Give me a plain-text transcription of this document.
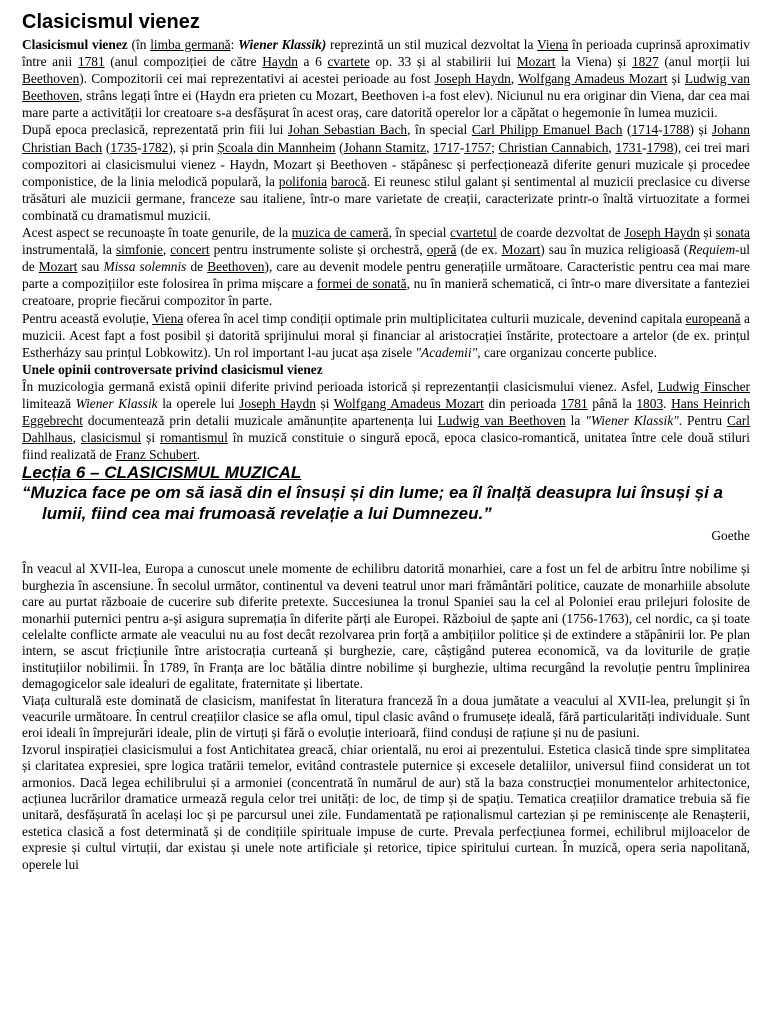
Clasicismul vienez

Clasicismul vienez (în limba germană: Wiener Klassik) reprezintă un stil muzical dezvoltat la Viena în perioada cuprinsă aproximativ între anii 1781 (anul compoziției de către Haydn a 6 cvartete op. 33 și al stabilirii lui Mozart la Viena) și 1827 (anul morții lui Beethoven). Compozitorii cei mai reprezentativi ai acestei perioade au fost Joseph Haydn, Wolfgang Amadeus Mozart și Ludwig van Beethoven, strâns legați între ei (Haydn era prieten cu Mozart, Beethoven i-a fost elev). Niciunul nu era originar din Viena, dar cea mai mare parte a activității lor creatoare s-a desfășurat în acest oraș, care datorită operelor lor a căpătat o hegemonie în lumea muzicii.

După epoca preclasică, reprezentată prin fiii lui Johan Sebastian Bach, în special Carl Philipp Emanuel Bach (1714-1788) și Johann Christian Bach (1735-1782), și prin Școala din Mannheim (Johann Stamitz, 1717-1757; Christian Cannabich, 1731-1798), cei trei mari compozitori ai clasicismului vienez - Haydn, Mozart și Beethoven - stăpânesc și perfecționează diferite genuri muzicale și procedee componistice, de la linia melodică populară, la polifonia barocă. Ei reunesc stilul galant și sentimental al muzicii preclasice cu diverse trăsături ale muzicii germane, franceze sau italiene, într-o mare varietate de creații, caracterizate printr-o înaltă virtuozitate a formei combinată cu dramatismul muzicii.

Acest aspect se recunoaște în toate genurile, de la muzica de cameră, în special cvartetul de coarde dezvoltat de Joseph Haydn și sonata instrumentală, la simfonie, concert pentru instrumente soliste și orchestră, operă (de ex. Mozart) sau în muzica religioasă (Requiem-ul de Mozart sau Missa solemnis de Beethoven), care au devenit modele pentru generațiile următoare. Caracteristic pentru cea mai mare parte a compozițiilor este folosirea în prima mișcare a formei de sonată, nu în manieră schematică, ci într-o mare diversitate a fanteziei creatoare, proprie fiecărui compozitor în parte.

Pentru această evoluție, Viena oferea în acel timp condiții optimale prin multiplicitatea culturii muzicale, devenind capitala europeană a muzicii. Acest fapt a fost posibil și datorită sprijinului moral și financiar al aristocrației înstărite, protectoare a artelor (de ex. prințul Estherházy sau prințul Lobkowitz). Un rol important l-au jucat așa zisele "Academii", care organizau concerte publice.

Unele opinii controversate privind clasicismul vienez

În muzicologia germană există opinii diferite privind perioada istorică și reprezentanții clasicismului vienez. Asfel, Ludwig Finscher limitează Wiener Klassik la operele lui Joseph Haydn și Wolfgang Amadeus Mozart din perioada 1781 până la 1803. Hans Heinrich Eggebrecht documentează prin detalii muzicale amănunțite apartenența lui Ludwig van Beethoven la "Wiener Klassik". Pentru Carl Dahlhaus, clasicismul și romantismul în muzică constituie o singură epocă, epoca clasico-romantică, unitatea între cele două stiluri fiind realizată de Franz Schubert.

Lecția 6 – CLASICISMUL MUZICAL

“Muzica face pe om să iasă din el însuși și din lume; ea îl înalță deasupra lui însuși și a lumii, fiind cea mai frumoasă revelație a lui Dumnezeu.”

Goethe

În veacul al XVII-lea, Europa a cunoscut unele momente de echilibru datorită monarhiei, care a fost un fel de arbitru între nobilime și burghezia în ascensiune. În secolul următor, continentul va deveni teatrul unor mari frământări politice, cauzate de monarhiile absolute care au purtat războaie de cucerire sub diferite pretexte. Succesiunea la tronul Spaniei sau la cel al Poloniei erau prilejuri folosite de monarhii puternici pentru a-și asigura supremația în diferite părți ale Europei. Războiul de șapte ani (1756-1763), cel nordic, ca și toate celelalte conflicte armate ale veacului nu au fost decât rezolvarea prin forță a ambițiilor politice și de extindere a stăpânirii lor. Pe plan intern, se ascut fricțiunile între aristocrația curteană și burghezie, care, câștigând puterea economică, va da loviturile de grație instituțiilor nobilimii. În 1789, în Franța are loc bătălia dintre nobilime și burghezie, ultima recurgând la revoluție pentru împlinirea demagogicelor sale idealuri de egalitate, fraternitate și libertate.

Viața culturală este dominată de clasicism, manifestat în literatura franceză în a doua jumătate a veacului al XVII-lea, prelungit și în veacurile următoare. În centrul creațiilor clasice se afla omul, tipul clasic având o frumusețe ideală, fără particularități individuale. Sunt eroi ideali în împrejurări ideale, plin de virtuți și fără o evoluție interioară, fiind conduși de rațiune și nu de pasiuni.

Izvorul inspirației clasicismului a fost Antichitatea greacă, chiar orientală, nu eroi ai prezentului. Estetica clasică tinde spre simplitatea și claritatea expresiei, spre logica tratării temelor, evitând contrastele puternice și excesele detaliilor, universul fiind considerat un tot armonios. Dacă legea echilibrului și a armoniei (concentrată în numărul de aur) stă la baza construcției monumentelor arhitectonice, acțiunea lucrărilor dramatice urmează regula celor trei unități: de loc, de timp și de spațiu. Tematica creațiilor dramatice trebuia să fie unitară, desfășurată în același loc și pe parcursul unei zile. Fundamentată pe raționalismul cartezian și pe reminiscențe ale Renașterii, estetica clasică a fost determinată și de condițiile spirituale impuse de curte. Prevala perfecțiunea formei, echilibrul mijloacelor de expresie și cultul virtuții, dar existau și unele note artificiale și retorice, tipice spiritului curtean. În muzică, opera seria napolitană, operele lui
